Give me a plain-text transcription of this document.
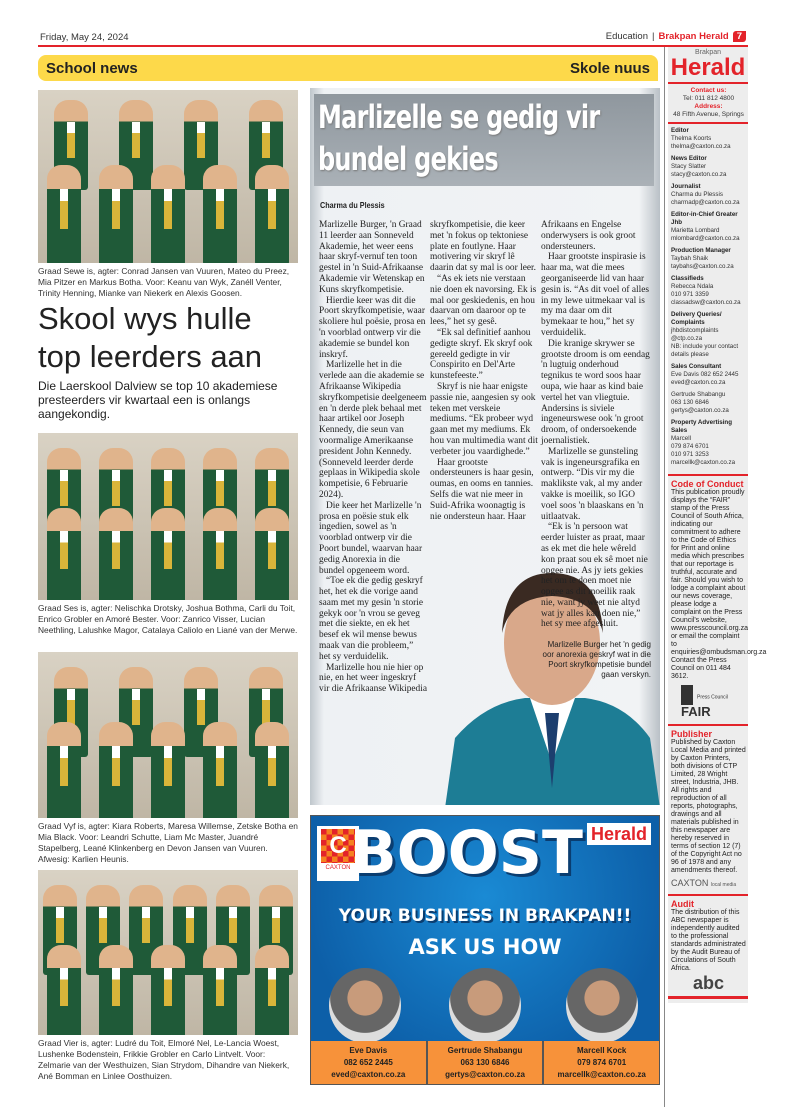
Friday, May 24, 2024	Education | Brakpan Herald 7
School news	Skole nuus
Graad Sewe is, agter: Conrad Jansen van Vuuren, Mateo du Preez, Mia Pitzer en Markus Botha. Voor: Keanu van Wyk, Zanéll Venter, Trinity Henning, Mianke van Niekerk en Alexis Goosen.
Skool wys hulle top leerders aan
Die Laerskool Dalview se top 10 akademiese presteerders vir kwartaal een is onlangs aangekondig.
Graad Ses is, agter: Nelischka Drotsky, Joshua Bothma, Carli du Toit, Enrico Grobler en Amoré Bester. Voor: Zanrico Visser, Lucian Neethling, Lalushke Magor, Catalaya Caliolo en Liané van der Merwe.
Graad Vyf is, agter: Kiara Roberts, Maresa Willemse, Zetske Botha en Mia Black. Voor: Leandri Schutte, Liam Mc Master, Juandré Stapelberg, Leané Klinkenberg en Devon Jansen van Vuuren. Afwesig: Karlien Heunis.
Graad Vier is, agter: Ludré du Toit, Elmoré Nel, Le-Lancia Woest, Lushenke Bodenstein, Frikkie Grobler en Carlo Lintvelt. Voor: Zelmarie van der Westhuizen, Sian Strydom, Dihandre van Niekerk, Ané Bomman en Linlee Oosthuizen.
Marlizelle se gedig vir bundel gekies
Charma du Plessis

Marlizelle Burger, 'n Graad 11 leerder aan Sonneveld Akademie, het weer eens haar skryf-vernuf ten toon gestel in 'n Suid-Afrikaanse Akademie vir Wetenskap en Kuns skryfkompetisie.

Hierdie keer was dit die Poort skryfkompetisie, waar skoliere hul poësie, prosa en 'n voorblad ontwerp vir die akademie se bundel kon inskryf.

Marlizelle het in die verlede aan die akademie se Afrikaanse Wikipedia skryfkompetisie deelgeneem en 'n derde plek behaal met haar artikel oor Joseph Kennedy, die seun van voormalige Amerikaanse president John Kennedy. (Sonneveld leerder derde geplaas in Wikipedia skole kompetisie, 6 Februarie 2024).

Die keer het Marlizelle 'n prosa en poësie stuk elk ingedien, sowel as 'n voorblad ontwerp vir die Poort bundel, waarvan haar gedig Anorexia in die bundel opgeneem word.

“Toe ek die gedig geskryf het, het ek die vorige aand saam met my gesin 'n storie gekyk oor 'n vrou se geveg met die siekte, en ek het besef ek wil mense bewus maak van die probleem,” het sy verduidelik.

Marlizelle hou nie hier op nie, en het weer ingeskryf vir die Afrikaanse Wikipedia

skryfkompetisie, die keer met 'n fokus op tektoniese plate en foutlyne. Haar motivering vir skryf lê daarin dat sy mal is oor leer.

“As ek iets nie verstaan nie doen ek navorsing. Ek is mal oor geskiedenis, en hou daarvan om daaroor op te lees,” het sy gesê.

“Ek sal definitief aanhou gedigte skryf. Ek skryf ook gereeld gedigte in vir Conspirito en Del'Arte kunstefeeste.”

Skryf is nie haar enigste passie nie, aangesien sy ook teken met verskeie mediums. “Ek probeer wyd gaan met my mediums. Ek hou van multimedia want dit verbeter jou vaardighede.”

Haar grootste ondersteuners is haar gesin, oumas, en ooms en tannies. Selfs die wat nie meer in Suid-Afrika woonagtig is nie ondersteun haar. Haar

Afrikaans en Engelse onderwysers is ook groot ondersteuners.

Haar grootste inspirasie is haar ma, wat die mees georganiseerde lid van haar gesin is. “As dit voel of alles in my lewe uitmekaar val is my ma daar om dit bymekaar te hou,” het sy verduidelik.

Die kranige skrywer se grootste droom is om eendag 'n lugtuig onderhoud tegnikus te word soos haar oupa, wie haar as kind baie vertel het van vliegtuie. Andersins is siviele ingeneurswese ook 'n groot droom, of ondersoekende joernalistiek.

Marlizelle se gunsteling vak is ingeneursgrafika en ontwerp. “Dis vir my die maklikste vak, al my ander vakke is moeilik, so IGO voel soos 'n blaaskans en 'n uitlaatvak.

“Ek is 'n persoon wat eerder luister as praat, maar as ek met die hele wêreld kon praat sou ek sê moet nie opgee nie. As jy iets gekies het om te doen moet nie opgee as dit moeilik raak nie, want jy weet nie altyd wat jy alles kan doen nie,” het sy mee afgesluit.

Marlizelle Burger het 'n gedig oor anorexia geskryf wat in die Poort skryfkompetisie bundel gaan verskyn.
C
CAXTON
Herald
BOOST
YOUR BUSINESS IN BRAKPAN!!
ASK US HOW
Eve Davis
082 652 2445
eved@caxton.co.za
Gertrude Shabangu
063 130 6846
gertys@caxton.co.za
Marcell Kock
079 874 6701
marcellk@caxton.co.za
Brakpan
Herald
Contact us:
Tel: 011 812 4800
Address:
48 Fifth Avenue, Springs
Editor
Thelma Koorts
thelma@caxton.co.za
News Editor
Stacy Slatter
stacy@caxton.co.za
Journalist
Charma du Plessis
charmadp@caxton.co.za
Editor-in-Chief Greater Jhb
Marietta Lombard
mlombard@caxton.co.za
Production Manager
Taybah Shaik
taybahs@caxton.co.za
Classifieds
Rebecca Ndala
010 971 3359
classadsw@caxton.co.za
Delivery Queries/ Complaints
jhbdistcomplaints @ctp.co.za
NB: include your contact details please
Sales Consultant
Eve Davis 082 652 2445
eved@caxton.co.za
Gertrude Shabangu
063 130 6846
gertys@caxton.co.za
Property Advertising Sales
Marcell
079 874 6701
010 971 3253
marcellk@caxton.co.za
Code of Conduct
This publication proudly displays the “FAIR” stamp of the Press Council of South Africa, indicating our commitment to adhere to the Code of Ethics for Print and online media which prescribes that our reportage is truthful, accurate and fair. Should you wish to lodge a complaint about our news coverage, please lodge a complaint on the Press Council's website, www.presscouncil.org.za or email the complaint to enquiries@ombudsman.org.za Contact the Press Council on 011 484 3612.
Press Council FAIR
Publisher
Published by Caxton Local Media and printed by Caxton Printers, both divisions of CTP Limited, 28 Wright street, Industria, JHB. All rights and reproduction of all reports, photographs, drawings and all materials published in this newspaper are hereby reserved in terms of section 12 (7) of the Copyright Act no 96 of 1978 and any amendments thereof.
CAXTON local media
Audit
The distribution of this ABC newspaper is independently audited to the professional standards administrated by the Audit Bureau of Circulations of South Africa.
abc
